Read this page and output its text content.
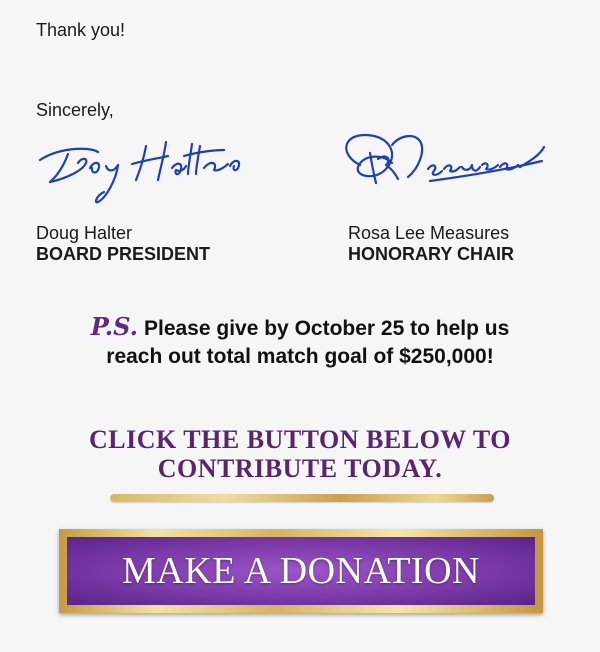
Thank you!
Sincerely,
Doug Halter
BOARD PRESIDENT
Rosa Lee Measures
HONORARY CHAIR
P.S. Please give by October 25 to help us
reach out total match goal of $250,000!
CLICK THE BUTTON BELOW TO
CONTRIBUTE TODAY.
MAKE A DONATION
